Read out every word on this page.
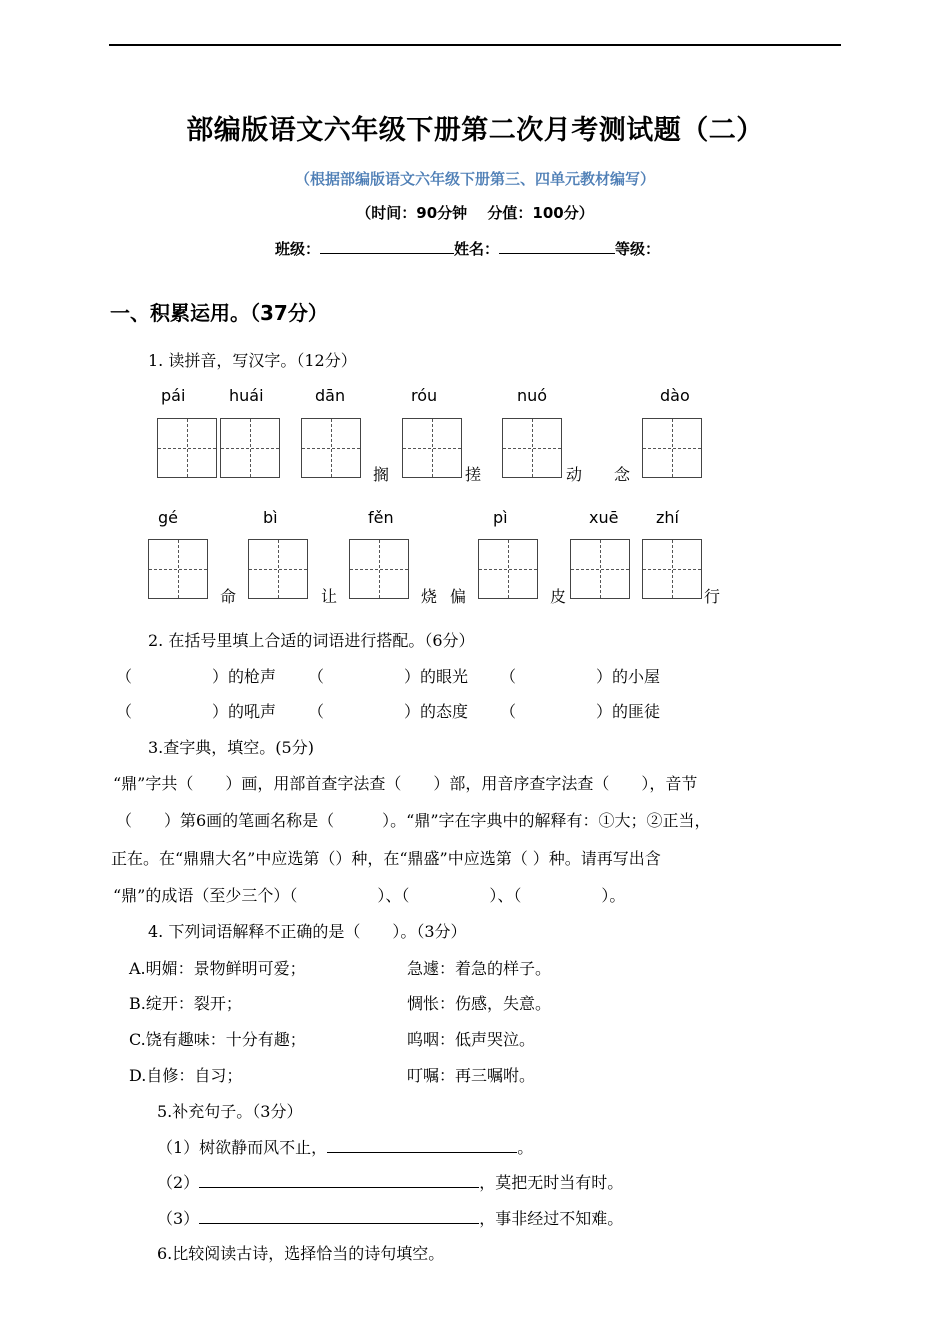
部编版语文六年级下册第二次月考测试题（二）
（根据部编版语文六年级下册第三、四单元教材编写）
（时间：90分钟　 分值：100分）
班级：	姓名：	等级：
一、积累运用。（37分）
1. 读拼音，写汉字。（12分）
pái	huái	dān	róu	nuó	dào
搁	搓	动 念
gé	bì	fěn	pì	xuē zhí
命	让	烧 偏	皮	行
2. 在括号里填上合适的词语进行搭配。（6分）
（　　　　　）的枪声 （　　　　　）的眼光 （　　　　　）的小屋
（　　　　　）的吼声 （　　　　　）的态度 （　　　　　）的匪徒
3.查字典，填空。(5分)
“鼎”字共（　　）画，用部首查字法查（　　）部，用音序查字法查（　　），音节
（　　）第6画的笔画名称是（　　　）。“鼎”字在字典中的解释有：①大；②正当，
正在。在“鼎鼎大名”中应选第（）种，在“鼎盛”中应选第（ ）种。请再写出含
“鼎”的成语（至少三个）（　　　　　）、（　　　　　）、（　　　　　）。
4. 下列词语解释不正确的是（　　）。（3分）
A.明媚：景物鲜明可爱；	急遽：着急的样子。
B.绽开：裂开；	惆怅：伤感，失意。
C.饶有趣味：十分有趣；	呜咽：低声哭泣。
D.自修：自习；	叮嘱：再三嘱咐。
5.补充句子。（3分）
（1）树欲静而风不止，	。
（2）	，莫把无时当有时。
（3）	，事非经过不知难。
6.比较阅读古诗，选择恰当的诗句填空。
